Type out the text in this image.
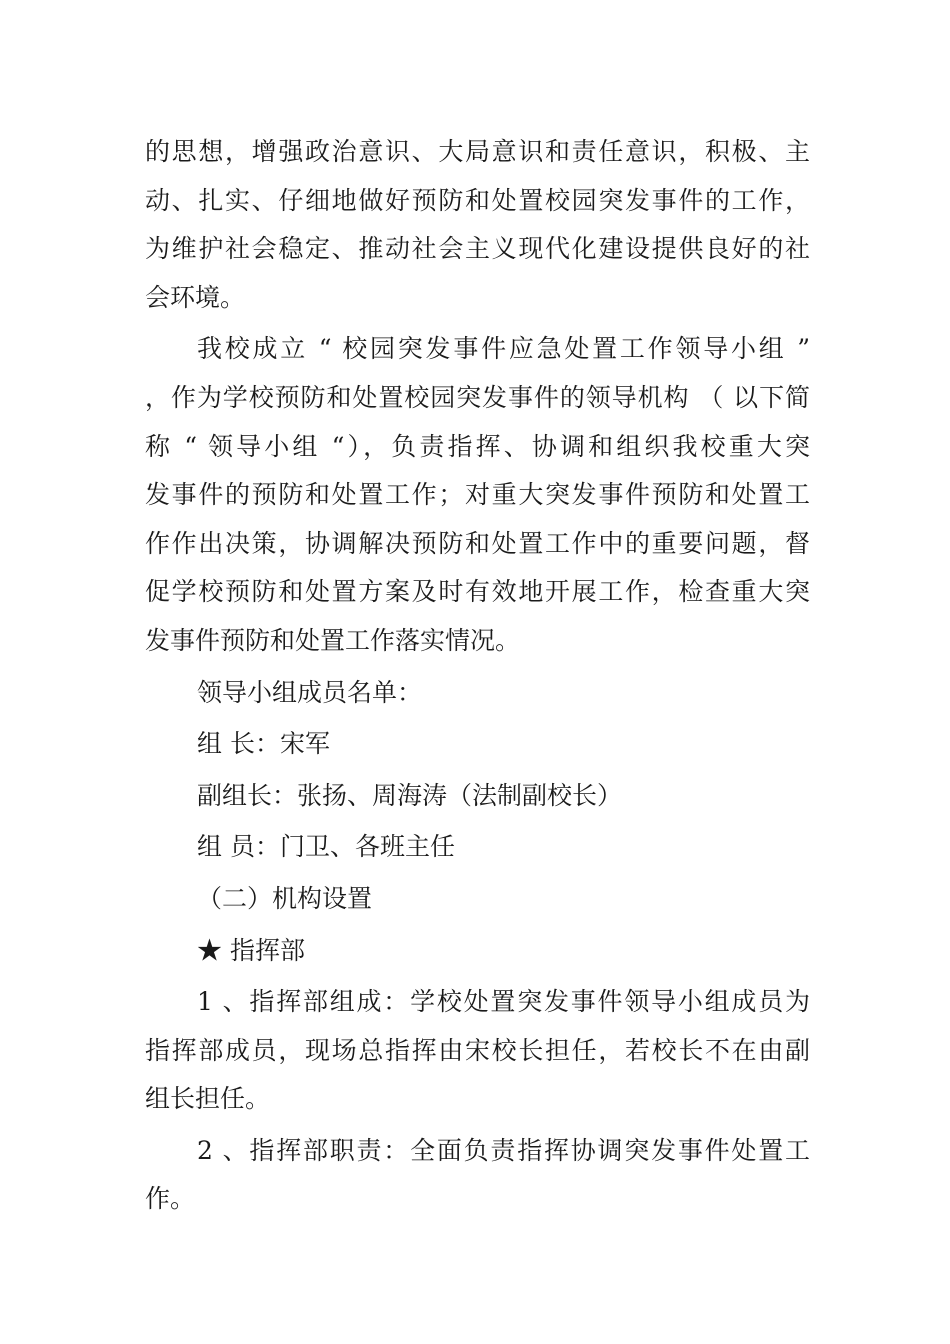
的思想，增强政治意识、大局意识和责任意识，积极、主
动、扎实、仔细地做好预防和处置校园突发事件的工作，
为维护社会稳定、推动社会主义现代化建设提供良好的社
会环境。
我校成立 “ 校园突发事件应急处置工作领导小组 ”
，作为学校预防和处置校园突发事件的领导机构 （ 以下简
称 “ 领导小组 “），负责指挥、协调和组织我校重大突
发事件的预防和处置工作；对重大突发事件预防和处置工
作作出决策，协调解决预防和处置工作中的重要问题，督
促学校预防和处置方案及时有效地开展工作，检查重大突
发事件预防和处置工作落实情况。
领导小组成员名单：
组 长：宋军
副组长：张扬、周海涛（法制副校长）
组 员：门卫、各班主任
（二）机构设置
★ 指挥部
1 、指挥部组成：学校处置突发事件领导小组成员为
指挥部成员，现场总指挥由宋校长担任，若校长不在由副
组长担任。
2 、指挥部职责：全面负责指挥协调突发事件处置工
作。
